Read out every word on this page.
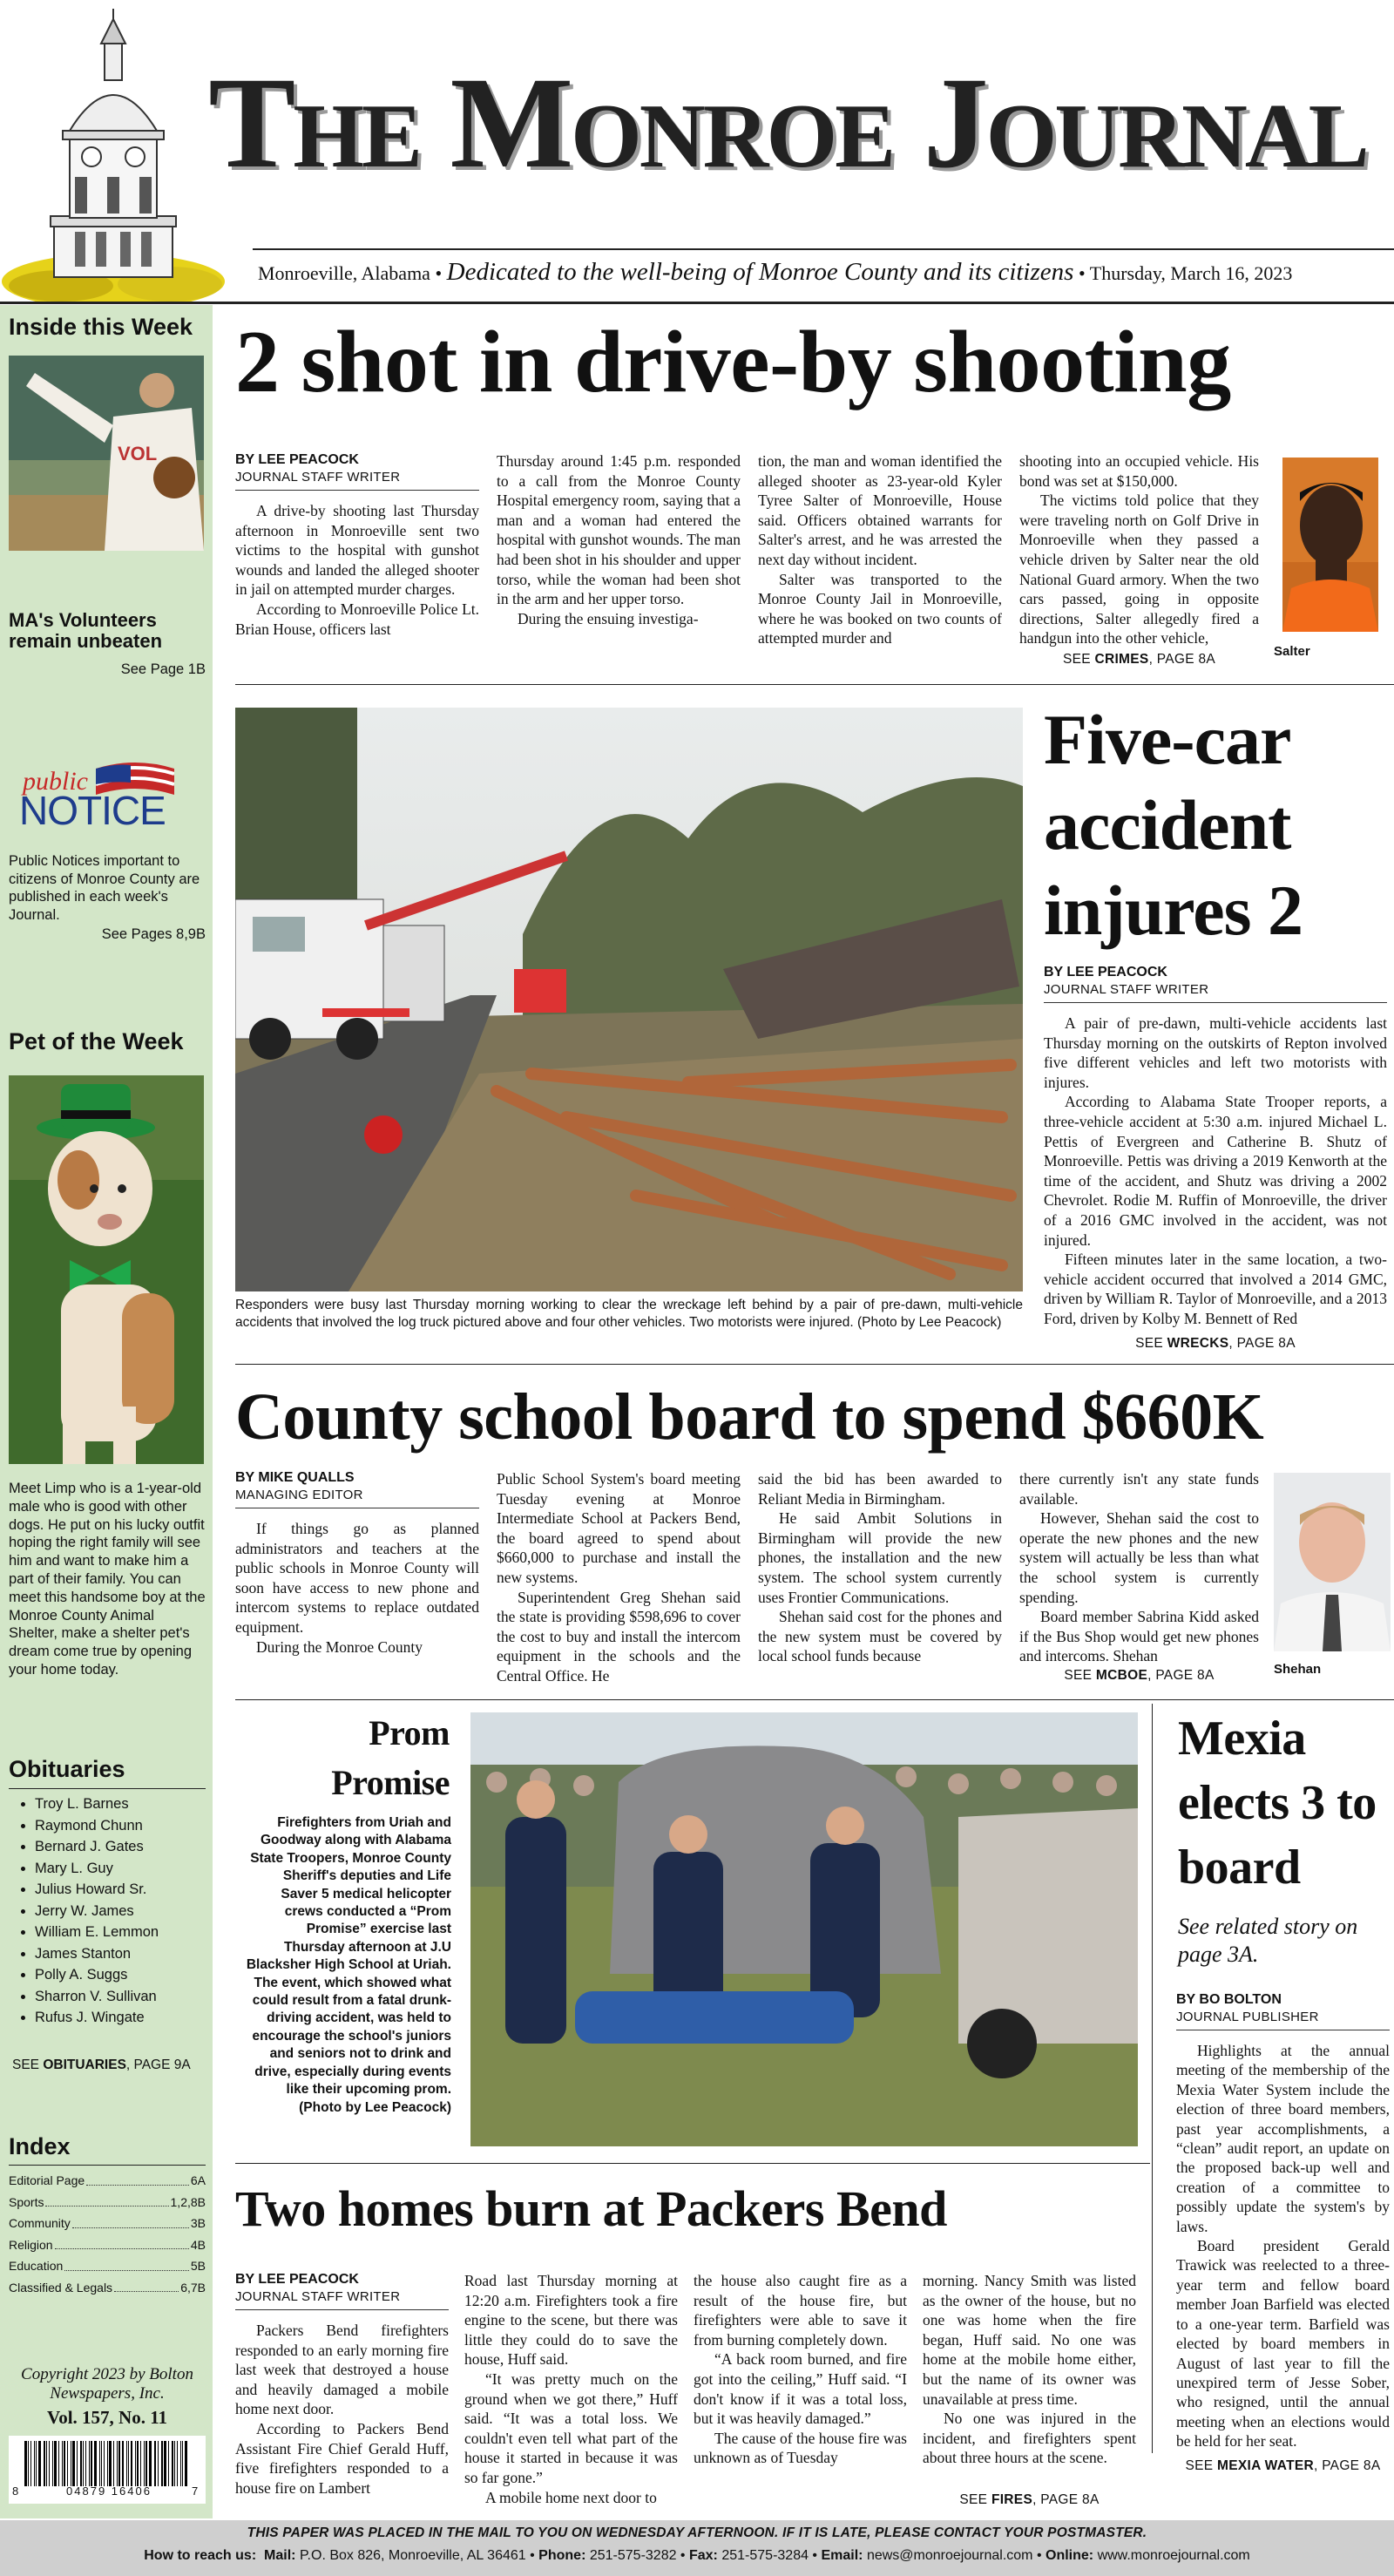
The Monroe Journal
Monroeville, Alabama • Dedicated to the well-being of Monroe County and its citizens • Thursday, March 16, 2023
Inside this Week
VOL
MA's Volunteers remain unbeaten
See Page 1B
public
NOTICE
Public Notices important to citizens of Monroe County are published in each week's Journal.
See Pages 8,9B
Pet of the Week
Meet Limp who is a 1-year-old male who is good with other dogs. He put on his lucky outfit hoping the right family will see him and want to make him a part of their family. You can meet this handsome boy at the Monroe County Animal Shelter, make a shelter pet's dream come true by opening your home today.
Obituaries
• Troy L. Barnes
• Raymond Chunn
• Bernard J. Gates
• Mary L. Guy
• Julius Howard Sr.
• Jerry W. James
• William E. Lemmon
• James Stanton
• Polly A. Suggs
• Sharron V. Sullivan
• Rufus J. Wingate
SEE OBITUARIES, PAGE 9A
Index
Editorial Page	6A
Sports	1,2,8B
Community	3B
Religion	4B
Education	5B
Classified & Legals	6,7B
Copyright 2023 by Bolton Newspapers, Inc.
Vol. 157, No. 11
8	04879 16406	7
2 shot in drive-by shooting
BY LEE PEACOCK
JOURNAL STAFF WRITER

A drive-by shooting last Thursday afternoon in Monroeville sent two victims to the hospital with gunshot wounds and landed the alleged shooter in jail on attempted murder charges.

According to Monroeville Police Lt. Brian House, officers last

Thursday around 1:45 p.m. responded to a call from the Monroe County Hospital emergency room, saying that a man and a woman had entered the hospital with gunshot wounds. The man had been shot in his shoulder and upper torso, while the woman had been shot in the arm and her upper torso.

During the ensuing investiga-

tion, the man and woman identified the alleged shooter as 23-year-old Kyler Tyree Salter of Monroeville, House said. Officers obtained warrants for Salter's arrest, and he was arrested the next day without incident.

Salter was transported to the Monroe County Jail in Monroeville, where he was booked on two counts of attempted murder and

shooting into an occupied vehicle. His bond was set at $150,000.

The victims told police that they were traveling north on Golf Drive in Monroeville when they passed a vehicle driven by Salter near the old National Guard armory. When the two cars passed, going in opposite directions, Salter allegedly fired a handgun into the other vehicle,

SEE CRIMES, PAGE 8A
Salter
Responders were busy last Thursday morning working to clear the wreckage left behind by a pair of pre-dawn, multi-vehicle accidents that involved the log truck pictured above and four other vehicles. Two motorists were injured. (Photo by Lee Peacock)
Five-car accident injures 2
BY LEE PEACOCK
JOURNAL STAFF WRITER

A pair of pre-dawn, multi-vehicle accidents last Thursday morning on the outskirts of Repton involved five different vehicles and left two motorists with injures.

According to Alabama State Trooper reports, a three-vehicle accident at 5:30 a.m. injured Michael L. Pettis of Evergreen and Catherine B. Shutz of Monroeville. Pettis was driving a 2019 Kenworth at the time of the accident, and Shutz was driving a 2002 Chevrolet. Rodie M. Ruffin of Monroeville, the driver of a 2016 GMC involved in the accident, was not injured.

Fifteen minutes later in the same location, a two-vehicle accident occurred that involved a 2014 GMC, driven by William R. Taylor of Monroeville, and a 2013 Ford, driven by Kolby M. Bennett of Red

SEE WRECKS, PAGE 8A
County school board to spend $660K
BY MIKE QUALLS
MANAGING EDITOR

If things go as planned administrators and teachers at the public schools in Monroe County will soon have access to new phone and intercom systems to replace outdated equipment.

During the Monroe County

Public School System's board meeting Tuesday evening at Monroe Intermediate School at Packers Bend, the board agreed to spend about $660,000 to purchase and install the new systems.

Superintendent Greg Shehan said the state is providing $598,696 to cover the cost to buy and install the intercom equipment in the schools and the Central Office. He

said the bid has been awarded to Reliant Media in Birmingham.

He said Ambit Solutions in Birmingham will provide the new phones, the installation and the new system. The school system currently uses Frontier Communications.

Shehan said cost for the phones and the new system must be covered by local school funds because

there currently isn't any state funds available.

However, Shehan said the cost to operate the new phones and the new system will actually be less than what the school system is currently spending.

Board member Sabrina Kidd asked if the Bus Shop would get new phones and intercoms. Shehan

SEE MCBOE, PAGE 8A	Shehan
Prom Promise
Firefighters from Uriah and Goodway along with Alabama State Troopers, Monroe County Sheriff's deputies and Life Saver 5 medical helicopter crews conducted a “Prom Promise” exercise last Thursday afternoon at J.U Blacksher High School at Uriah. The event, which showed what could result from a fatal drunk-driving accident, was held to encourage the school's juniors and seniors not to drink and drive, especially during events like their upcoming prom. (Photo by Lee Peacock)
Mexia elects 3 to board
See related story on page 3A.
BY BO BOLTON
JOURNAL PUBLISHER

Highlights at the annual meeting of the membership of the Mexia Water System include the election of three board members, past year accomplishments, a “clean” audit report, an update on the proposed back-up well and creation of a committee to possibly update the system's by laws.

Board president Gerald Trawick was reelected to a three-year term and fellow board member Joan Barfield was elected to a one-year term. Barfield was elected by board members in August of last year to fill the unexpired term of Jesse Sober, who resigned, until the annual meeting when an elections would be held for her seat.

SEE MEXIA WATER, PAGE 8A
Two homes burn at Packers Bend
BY LEE PEACOCK
JOURNAL STAFF WRITER

Packers Bend firefighters responded to an early morning fire last week that destroyed a house and heavily damaged a mobile home next door.

According to Packers Bend Assistant Fire Chief Gerald Huff, five firefighters responded to a house fire on Lambert

Road last Thursday morning at 12:20 a.m. Firefighters took a fire engine to the scene, but there was little they could do to save the house, Huff said.

“It was pretty much on the ground when we got there,” Huff said. “It was a total loss. We couldn't even tell what part of the house it started in because it was so far gone.”

A mobile home next door to

the house also caught fire as a result of the house fire, but firefighters were able to save it from burning completely down.

“A back room burned, and fire got into the ceiling,” Huff said. “I don't know if it was a total loss, but it was heavily damaged.”

The cause of the house fire was unknown as of Tuesday

morning. Nancy Smith was listed as the owner of the house, but no one was home when the fire began, Huff said. No one was home at the mobile home either, but the name of its owner was unavailable at press time.

No one was injured in the incident, and firefighters spent about three hours at the scene.

SEE FIRES, PAGE 8A
THIS PAPER WAS PLACED IN THE MAIL TO YOU ON WEDNESDAY AFTERNOON. IF IT IS LATE, PLEASE CONTACT YOUR POSTMASTER.
How to reach us: Mail: P.O. Box 826, Monroeville, AL 36461 • Phone: 251-575-3282 • Fax: 251-575-3284 • Email: news@monroejournal.com • Online: www.monroejournal.com
